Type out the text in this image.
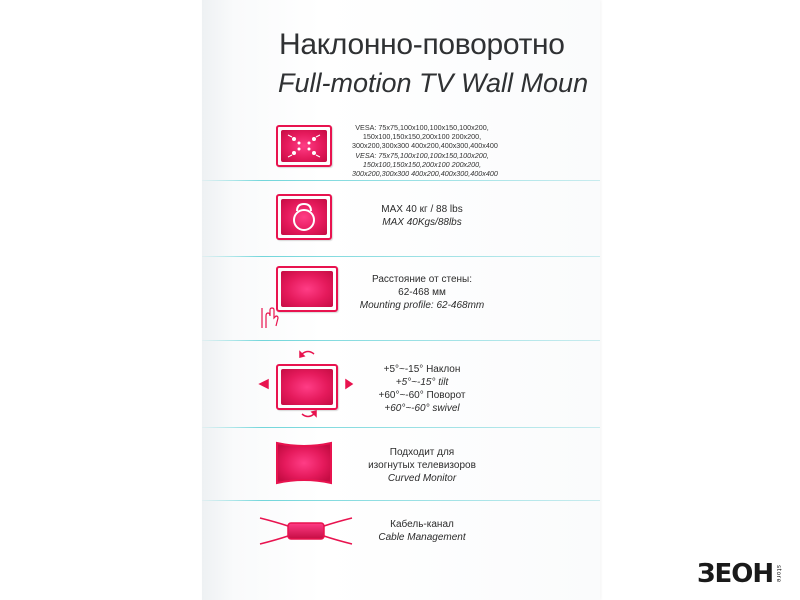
Наклонно-поворотно
Full-motion TV Wall Moun
VESA: 75x75,100x100,100x150,100x200,
150x100,150x150,200x100 200x200,
300x200,300x300 400x200,400x300,400x400
VESA: 75x75,100x100,100x150,100x200,
150x100,150x150,200x100 200x200,
300x200,300x300 400x200,400x300,400x400
MAX 40 кг / 88 lbs
MAX 40Kgs/88lbs
Расстояние от стены:
62-468 мм
Mounting profile: 62-468mm
+5°~-15° Наклон
+5°~-15° tilt
+60°~-60° Поворот
+60°~-60° swivel
Подходит для
изогнутых телевизоров
Curved Monitor
Кабель-канал
Cable Management
ЗЕОН store
